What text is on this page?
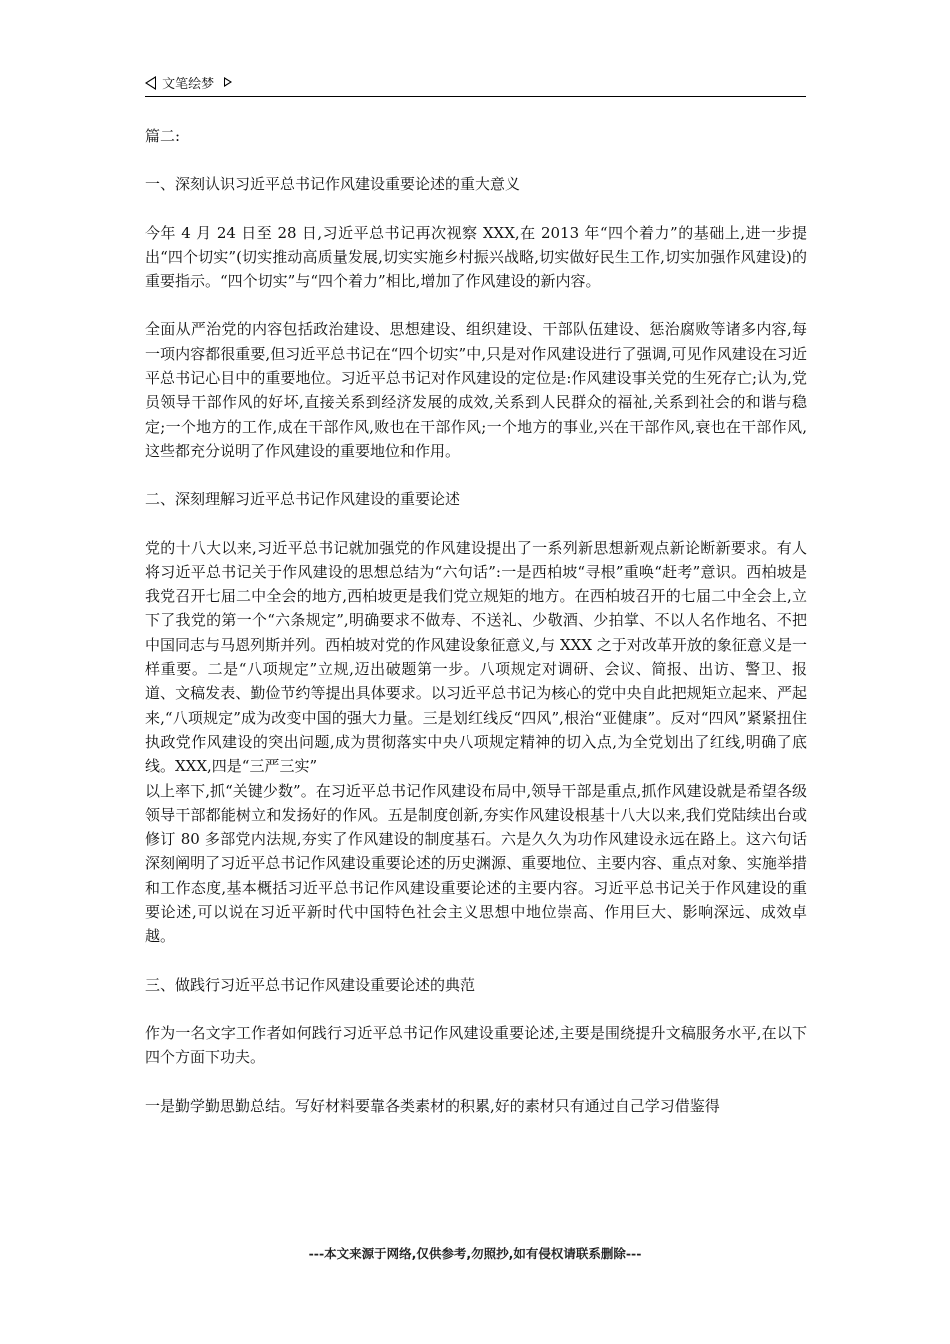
文笔绘梦

篇二:

一、深刻认识习近平总书记作风建设重要论述的重大意义

今年 4 月 24 日至 28 日,习近平总书记再次视察 XXX,在 2013 年“四个着力”的基础上,进一步提出“四个切实”(切实推动高质量发展,切实实施乡村振兴战略,切实做好民生工作,切实加强作风建设)的重要指示。“四个切实”与“四个着力”相比,增加了作风建设的新内容。

全面从严治党的内容包括政治建设、思想建设、组织建设、干部队伍建设、惩治腐败等诸多内容,每一项内容都很重要,但习近平总书记在“四个切实”中,只是对作风建设进行了强调,可见作风建设在习近平总书记心目中的重要地位。习近平总书记对作风建设的定位是:作风建设事关党的生死存亡;认为,党员领导干部作风的好坏,直接关系到经济发展的成效,关系到人民群众的福祉,关系到社会的和谐与稳定;一个地方的工作,成在干部作风,败也在干部作风;一个地方的事业,兴在干部作风,衰也在干部作风,这些都充分说明了作风建设的重要地位和作用。

二、深刻理解习近平总书记作风建设的重要论述

党的十八大以来,习近平总书记就加强党的作风建设提出了一系列新思想新观点新论断新要求。有人将习近平总书记关于作风建设的思想总结为“六句话”:一是西柏坡“寻根”重唤“赶考”意识。西柏坡是我党召开七届二中全会的地方,西柏坡更是我们党立规矩的地方。在西柏坡召开的七届二中全会上,立下了我党的第一个“六条规定”,明确要求不做寿、不送礼、少敬酒、少拍掌、不以人名作地名、不把中国同志与马恩列斯并列。西柏坡对党的作风建设象征意义,与 XXX 之于对改革开放的象征意义是一样重要。二是“八项规定”立规,迈出破题第一步。八项规定对调研、会议、简报、出访、警卫、报道、文稿发表、勤俭节约等提出具体要求。以习近平总书记为核心的党中央自此把规矩立起来、严起来,“八项规定”成为改变中国的强大力量。三是划红线反“四风”,根治“亚健康”。反对“四风”紧紧扭住执政党作风建设的突出问题,成为贯彻落实中央八项规定精神的切入点,为全党划出了红线,明确了底线。XXX,四是“三严三实”

以上率下,抓“关键少数”。在习近平总书记作风建设布局中,领导干部是重点,抓作风建设就是希望各级领导干部都能树立和发扬好的作风。五是制度创新,夯实作风建设根基十八大以来,我们党陆续出台或修订 80 多部党内法规,夯实了作风建设的制度基石。六是久久为功作风建设永远在路上。这六句话深刻阐明了习近平总书记作风建设重要论述的历史渊源、重要地位、主要内容、重点对象、实施举措和工作态度,基本概括习近平总书记作风建设重要论述的主要内容。习近平总书记关于作风建设的重要论述,可以说在习近平新时代中国特色社会主义思想中地位崇高、作用巨大、影响深远、成效卓越。

三、做践行习近平总书记作风建设重要论述的典范

作为一名文字工作者如何践行习近平总书记作风建设重要论述,主要是围绕提升文稿服务水平,在以下四个方面下功夫。

一是勤学勤思勤总结。写好材料要靠各类素材的积累,好的素材只有通过自己学习借鉴得

---本文来源于网络,仅供参考,勿照抄,如有侵权请联系删除---
